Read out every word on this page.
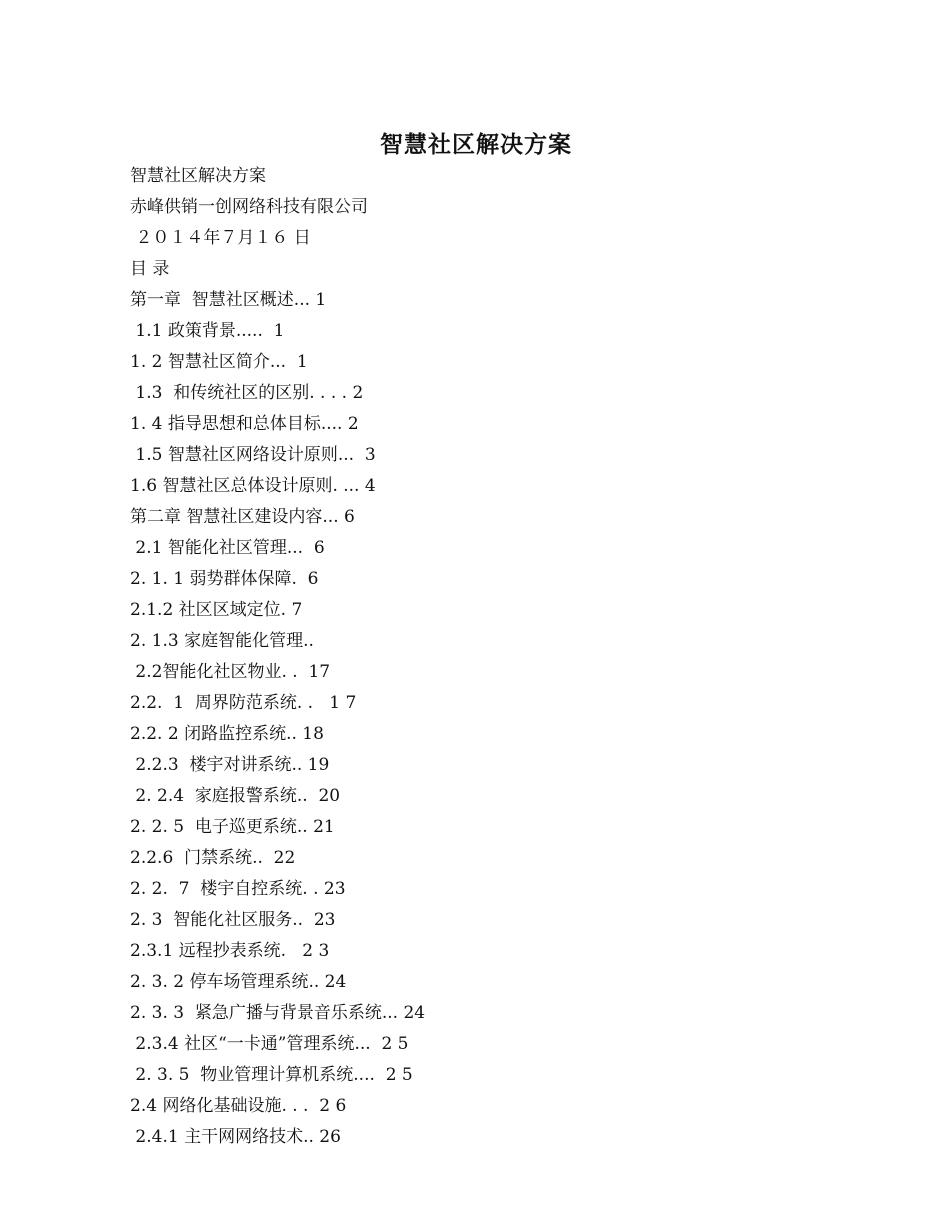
智慧社区解决方案
智慧社区解决方案
赤峰供销一创网络科技有限公司
２０１４年７月１６ 日
目 录
第一章  智慧社区概述... 1
1.1 政策背景.....  1
1. 2 智慧社区简介...  1
1.3  和传统社区的区别. . . . 2
1. 4 指导思想和总体目标.... 2
1.5 智慧社区网络设计原则...  3
1.6 智慧社区总体设计原则. ... 4
第二章 智慧社区建设内容... 6
2.1 智能化社区管理...  6
2. 1. 1 弱势群体保障.  6
2.1.2 社区区域定位. 7
2. 1.3 家庭智能化管理..
2.2智能化社区物业. .  17
2.2.  1  周界防范系统. .   1 7
2.2. 2 闭路监控系统.. 18
2.2.3  楼宇对讲系统.. 19
2. 2.4  家庭报警系统..  20
2. 2. 5  电子巡更系统.. 21
2.2.6  门禁系统..  22
2. 2.  7  楼宇自控系统. . 23
2. 3  智能化社区服务..  23
2.3.1 远程抄表系统.   2 3
2. 3. 2 停车场管理系统.. 24
2. 3. 3  紧急广播与背景音乐系统... 24
2.3.4 社区“一卡通”管理系统...  2 5
2. 3. 5  物业管理计算机系统....  2 5
2.4 网络化基础设施. . .  2 6
2.4.1 主干网网络技术.. 26
